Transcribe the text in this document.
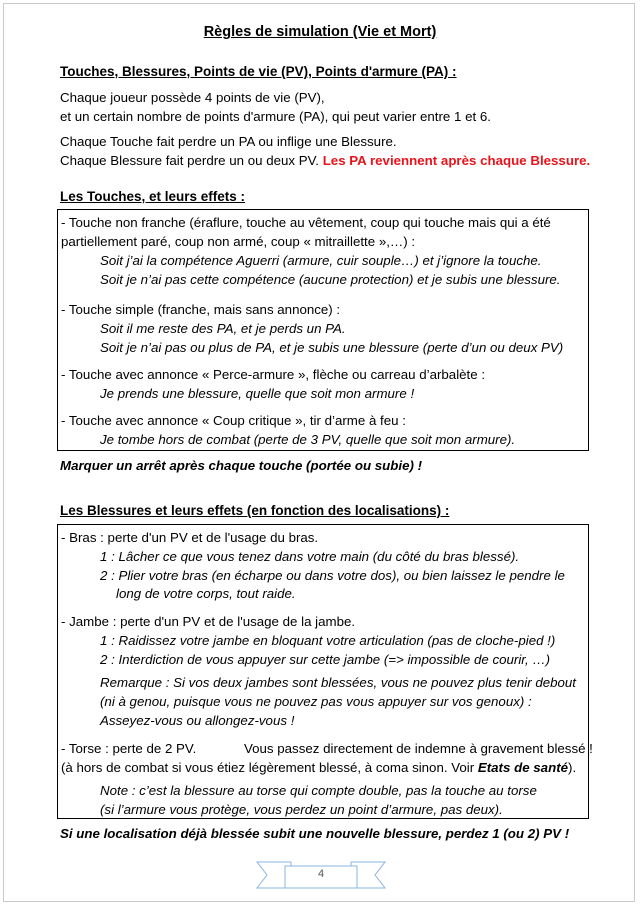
Règles de simulation (Vie et Mort)
Touches, Blessures, Points de vie (PV), Points d'armure (PA) :
Chaque joueur possède 4 points de vie (PV),
et un certain nombre de points d'armure (PA), qui peut varier entre 1 et 6.
Chaque Touche fait perdre un PA ou inflige une Blessure.
Chaque Blessure fait perdre un ou deux PV. Les PA reviennent après chaque Blessure.
Les Touches, et leurs effets :
- Touche non franche (éraflure, touche au vêtement, coup qui touche mais qui a été
partiellement paré, coup non armé, coup « mitraillette »,…) :
Soit j’ai la compétence Aguerri (armure, cuir souple…) et j’ignore la touche.
Soit je n’ai pas cette compétence (aucune protection) et je subis une blessure.
- Touche simple (franche, mais sans annonce) :
Soit il me reste des PA, et je perds un PA.
Soit je n’ai pas ou plus de PA, et je subis une blessure (perte d’un ou deux PV)
- Touche avec annonce « Perce-armure », flèche ou carreau d’arbalète :
Je prends une blessure, quelle que soit mon armure !
- Touche avec annonce « Coup critique », tir d’arme à feu :
Je tombe hors de combat (perte de 3 PV, quelle que soit mon armure).
Marquer un arrêt après chaque touche (portée ou subie) !
Les Blessures et leurs effets (en fonction des localisations) :
- Bras : perte d'un PV et de l'usage du bras.
1 : Lâcher ce que vous tenez dans votre main (du côté du bras blessé).
2 : Plier votre bras (en écharpe ou dans votre dos), ou bien laissez le pendre le
long de votre corps, tout raide.
- Jambe : perte d'un PV et de l'usage de la jambe.
1 : Raidissez votre jambe en bloquant votre articulation (pas de cloche-pied !)
2 : Interdiction de vous appuyer sur cette jambe (=> impossible de courir, …)
Remarque : Si vos deux jambes sont blessées, vous ne pouvez plus tenir debout
(ni à genou, puisque vous ne pouvez pas vous appuyer sur vos genoux) :
Asseyez-vous ou allongez-vous !
- Torse : perte de 2 PV.	Vous passez directement de indemne à gravement blessé !
(à hors de combat si vous étiez légèrement blessé, à coma sinon. Voir Etats de santé).
Note : c’est la blessure au torse qui compte double, pas la touche au torse
(si l’armure vous protège, vous perdez un point d’armure, pas deux).
Si une localisation déjà blessée subit une nouvelle blessure, perdez 1 (ou 2) PV !
4
